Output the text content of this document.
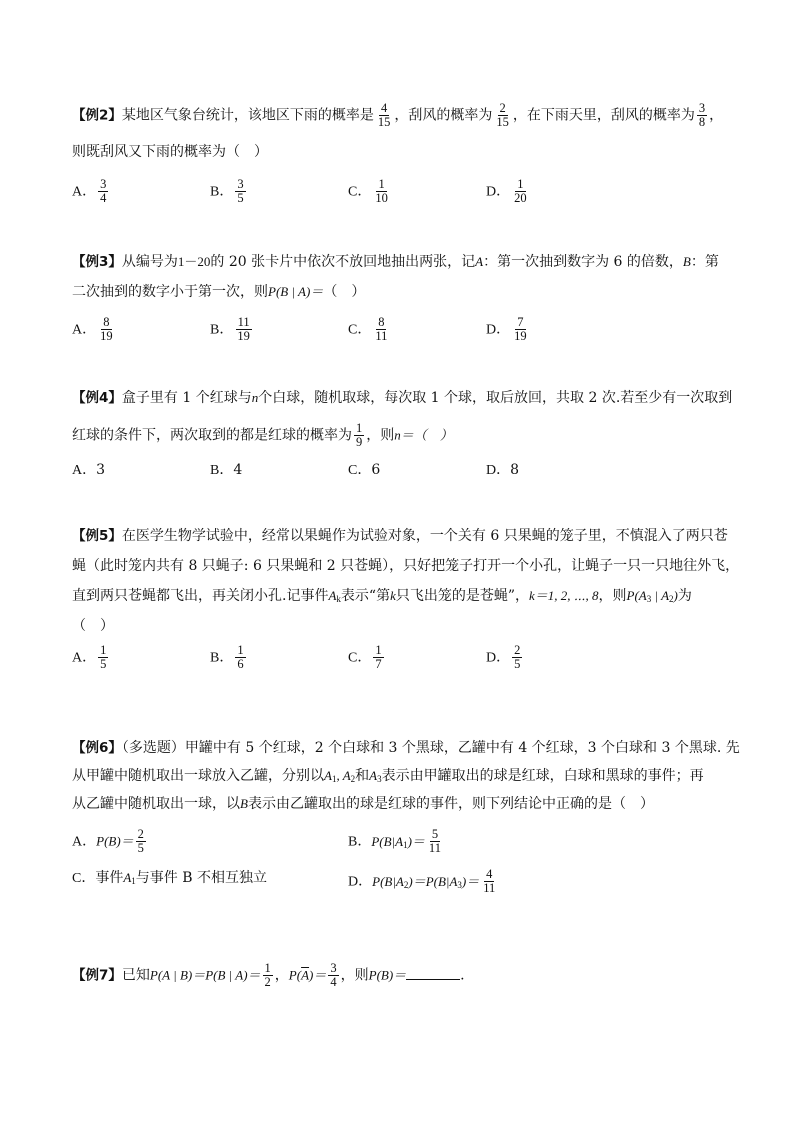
【例2】某地区气象台统计，该地区下雨的概率是 $\frac{4}{15}$ ，刮风的概率为 $\frac{2}{15}$ ，在下雨天里，刮风的概率为 $\frac{3}{8}$ ，
则既刮风又下雨的概率为（　）
A． $\frac{3}{4}$	B． $\frac{3}{5}$	C． $\frac{1}{10}$	D． $\frac{1}{20}$
【例3】从编号为1－20的 20 张卡片中依次不放回地抽出两张，记A：第一次抽到数字为 6 的倍数，B：第
二次抽到的数字小于第一次，则P(B | A)＝（　）
A． $\frac{8}{19}$	B． $\frac{11}{19}$	C． $\frac{8}{11}$	D． $\frac{7}{19}$
【例4】盒子里有 1 个红球与n个白球，随机取球，每次取 1 个球，取后放回，共取 2 次.若至少有一次取到
红球的条件下，两次取到的都是红球的概率为 $\frac{1}{9}$ ，则n＝（　）
A．3	B．4	C．6	D．8
【例5】在医学生物学试验中，经常以果蝇作为试验对象，一个关有 6 只果蝇的笼子里，不慎混入了两只苍
蝇（此时笼内共有 8 只蝇子: 6 只果蝇和 2 只苍蝇），只好把笼子打开一个小孔，让蝇子一只一只地往外飞，
直到两只苍蝇都飞出，再关闭小孔.记事件$A_k$表示“第k只飞出笼的是苍蝇”，k＝1, 2, ⋯, 8，则$P(A_3$ | $A_2$)为
（　）
A． $\frac{1}{5}$	B． $\frac{1}{6}$	C． $\frac{1}{7}$	D． $\frac{2}{5}$
【例6】（多选题）甲罐中有 5 个红球，2 个白球和 3 个黑球，乙罐中有 4 个红球，3 个白球和 3 个黑球. 先
从甲罐中随机取出一球放入乙罐，分别以$A_1$, $A_2$和$A_3$表示由甲罐取出的球是红球，白球和黑球的事件；再
从乙罐中随机取出一球，以B表示由乙罐取出的球是红球的事件，则下列结论中正确的是（　）
A．$P(B)= \frac{2}{5}$	B．$P(B|A_1)= \frac{5}{11}$
C．事件$A_1$与事件 B 不相互独立	D．$P(B|A_2)=P(B|A_3)= \frac{4}{11}$
【例7】已知P(A | B)＝P(B | $A)= \frac{1}{2}$ ，$P(\overline{A})= \frac{3}{4}$ ，则P(B)＝	.
